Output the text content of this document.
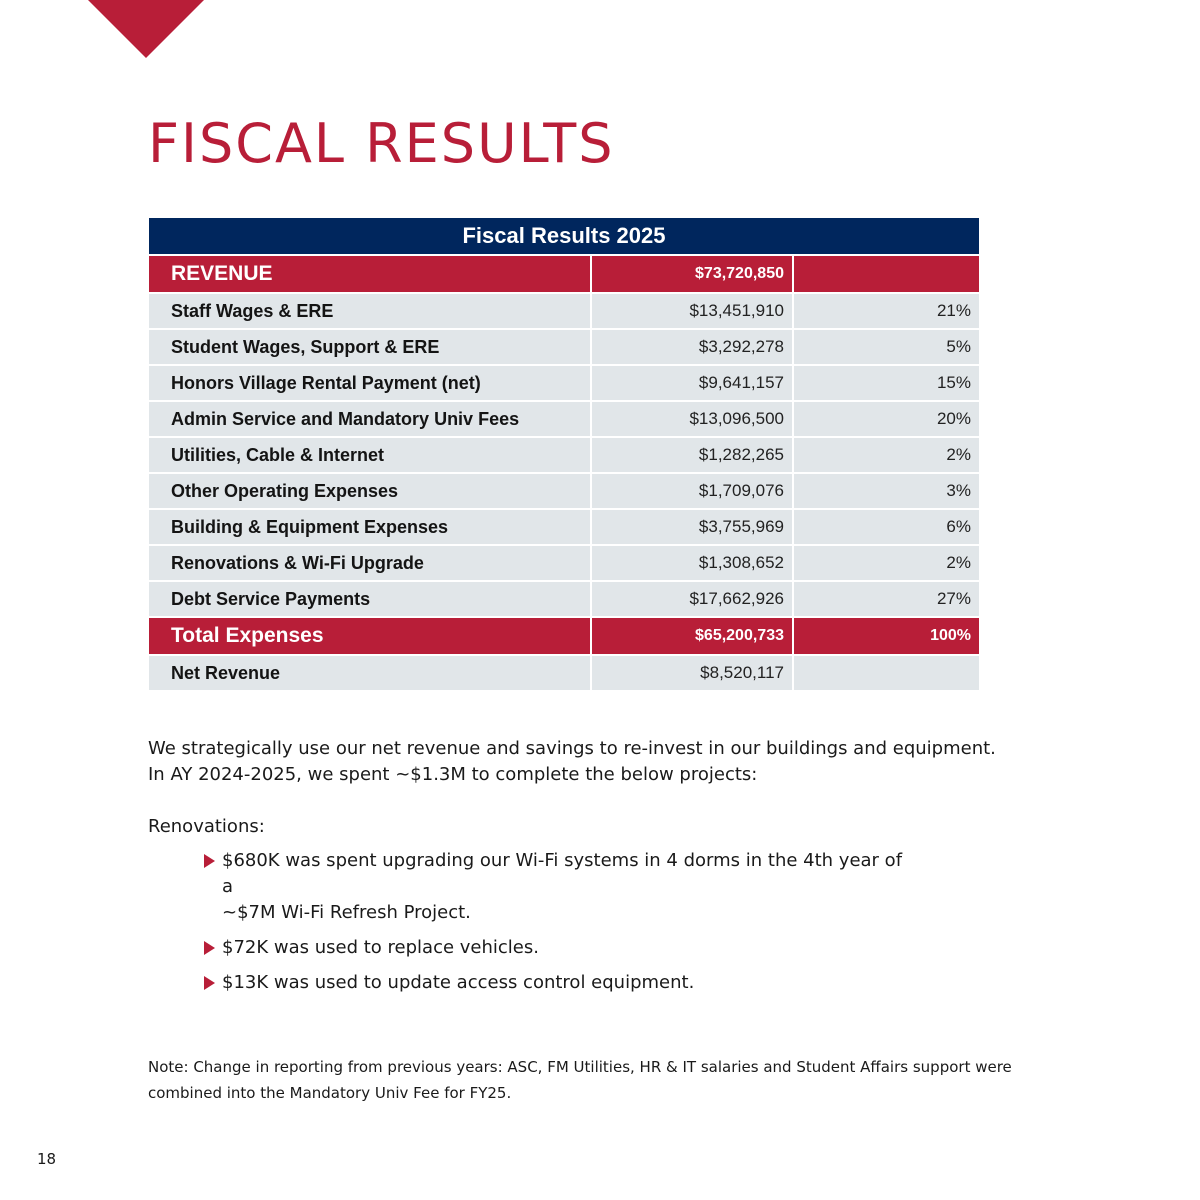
FISCAL RESULTS
Fiscal Results 2025		
REVENUE	$73,720,850	
Staff Wages & ERE	$13,451,910	21%
Student Wages, Support & ERE	$3,292,278	5%
Honors Village Rental Payment (net)	$9,641,157	15%
Admin Service and Mandatory Univ Fees	$13,096,500	20%
Utilities, Cable & Internet	$1,282,265	2%
Other Operating Expenses	$1,709,076	3%
Building & Equipment Expenses	$3,755,969	6%
Renovations & Wi-Fi Upgrade	$1,308,652	2%
Debt Service Payments	$17,662,926	27%
Total Expenses	$65,200,733	100%
Net Revenue	$8,520,117	

We strategically use our net revenue and savings to re-invest in our buildings and equipment.

In AY 2024-2025, we spent ~$1.3M to complete the below projects:

Renovations:

$680K was spent upgrading our Wi-Fi systems in 4 dorms in the 4th year of a
~$7M Wi-Fi Refresh Project.
$72K was used to replace vehicles.
$13K was used to update access control equipment.

Note: Change in reporting from previous years: ASC, FM Utilities, HR & IT salaries and Student Affairs support were
combined into the Mandatory Univ Fee for FY25.

18
